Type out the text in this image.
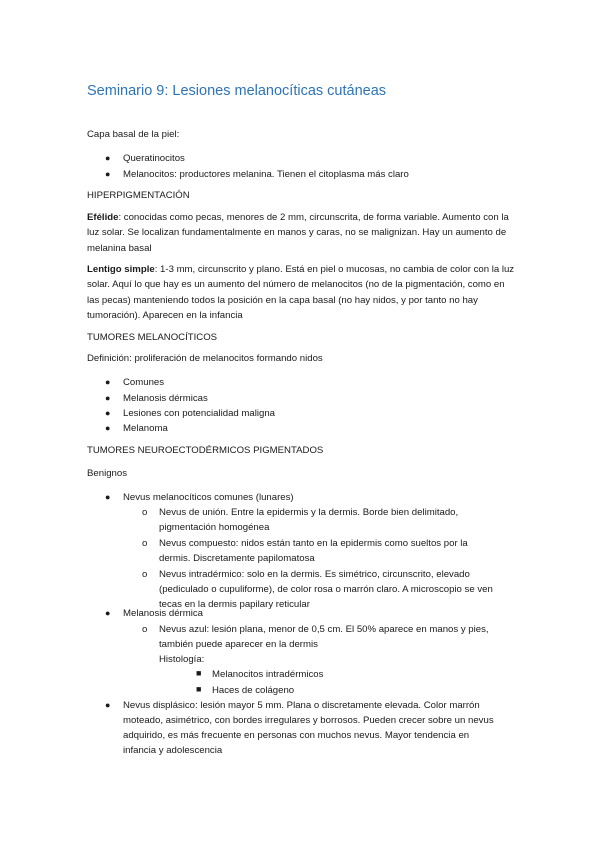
Seminario 9: Lesiones melanocíticas cutáneas

Capa basal de la piel:

● Queratinocitos

● Melanocitos: productores melanina. Tienen el citoplasma más claro

HIPERPIGMENTACIÓN

Efélide: conocidas como pecas, menores de 2 mm, circunscrita, de forma variable. Aumento con la luz solar. Se localizan fundamentalmente en manos y caras, no se malignizan. Hay un aumento de melanina basal

Lentigo simple: 1-3 mm, circunscrito y plano. Está en piel o mucosas, no cambia de color con la luz solar. Aquí lo que hay es un aumento del número de melanocitos (no de la pigmentación, como en las pecas) manteniendo todos la posición en la capa basal (no hay nidos, y por tanto no hay tumoración). Aparecen en la infancia

TUMORES MELANOCÍTICOS

Definición: proliferación de melanocitos formando nidos

● Comunes

● Melanosis dérmicas

● Lesiones con potencialidad maligna

● Melanoma

TUMORES NEUROECTODÉRMICOS PIGMENTADOS

Benignos

● Nevus melanocíticos comunes (lunares)

o Nevus de unión. Entre la epidermis y la dermis. Borde bien delimitado,

pigmentación homogénea

o Nevus compuesto: nidos están tanto en la epidermis como sueltos por la

dermis. Discretamente papilomatosa

o Nevus intradérmico: solo en la dermis. Es simétrico, circunscrito, elevado

(pediculado o cupuliforme), de color rosa o marrón claro. A microscopio se ven

tecas en la dermis papilary reticular

● Melanosis dérmica

o Nevus azul: lesión plana, menor de 0,5 cm. El 50% aparece en manos y pies,

también puede aparecer en la dermis

Histología:

■ Melanocitos intradérmicos

■ Haces de colágeno

● Nevus displásico: lesión mayor 5 mm. Plana o discretamente elevada. Color marrón

moteado, asimétrico, con bordes irregulares y borrosos. Pueden crecer sobre un nevus

adquirido, es más frecuente en personas con muchos nevus. Mayor tendencia en

infancia y adolescencia
